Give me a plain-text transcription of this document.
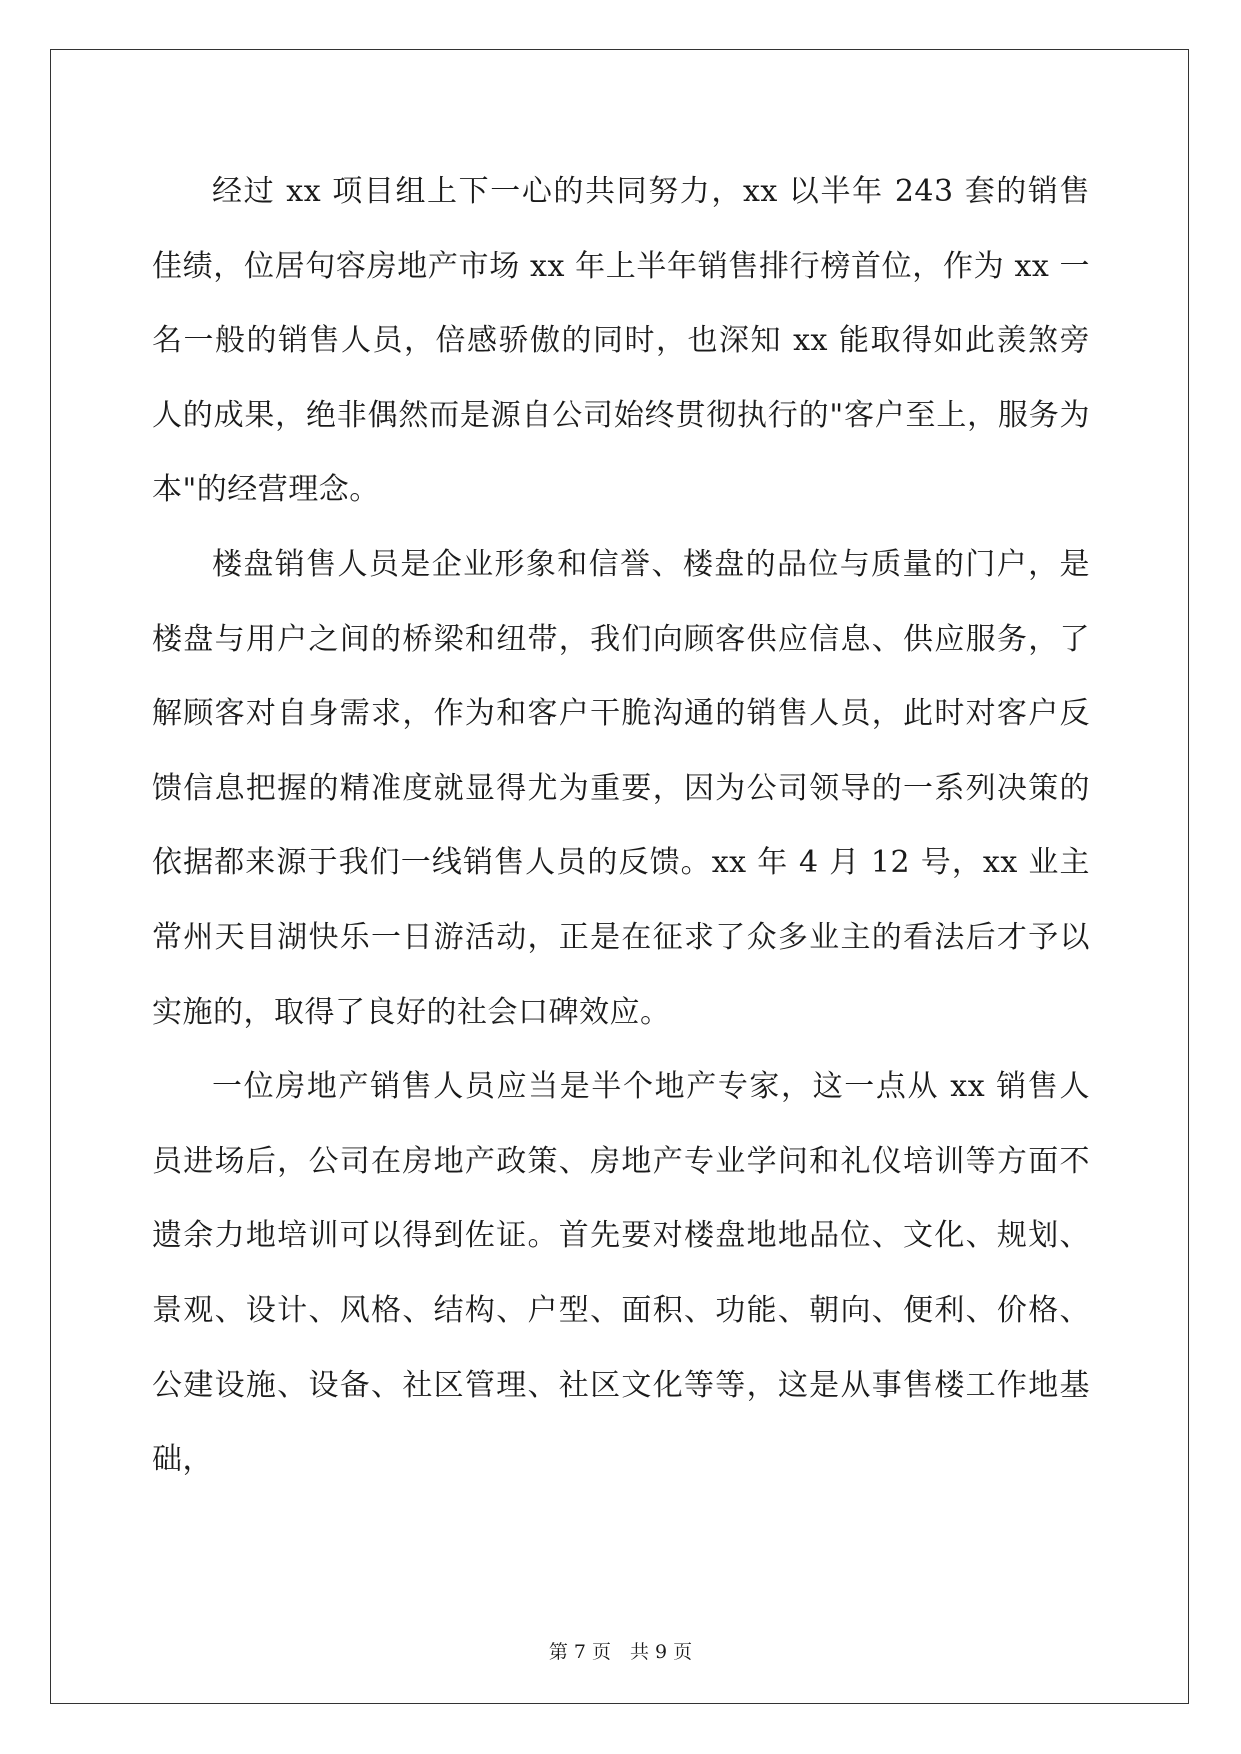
经过 xx 项目组上下一心的共同努力，xx 以半年 243 套的销售佳绩，位居句容房地产市场 xx 年上半年销售排行榜首位，作为 xx 一名一般的销售人员，倍感骄傲的同时，也深知 xx 能取得如此羡煞旁人的成果，绝非偶然而是源自公司始终贯彻执行的"客户至上，服务为本"的经营理念。

楼盘销售人员是企业形象和信誉、楼盘的品位与质量的门户，是楼盘与用户之间的桥梁和纽带，我们向顾客供应信息、供应服务，了解顾客对自身需求，作为和客户干脆沟通的销售人员，此时对客户反馈信息把握的精准度就显得尤为重要，因为公司领导的一系列决策的依据都来源于我们一线销售人员的反馈。xx 年 4 月 12 号，xx 业主常州天目湖快乐一日游活动，正是在征求了众多业主的看法后才予以实施的，取得了良好的社会口碑效应。

一位房地产销售人员应当是半个地产专家，这一点从 xx 销售人员进场后，公司在房地产政策、房地产专业学问和礼仪培训等方面不遗余力地培训可以得到佐证。首先要对楼盘地地品位、文化、规划、景观、设计、风格、结构、户型、面积、功能、朝向、便利、价格、公建设施、设备、社区管理、社区文化等等，这是从事售楼工作地基础，

第 7 页　共 9 页
